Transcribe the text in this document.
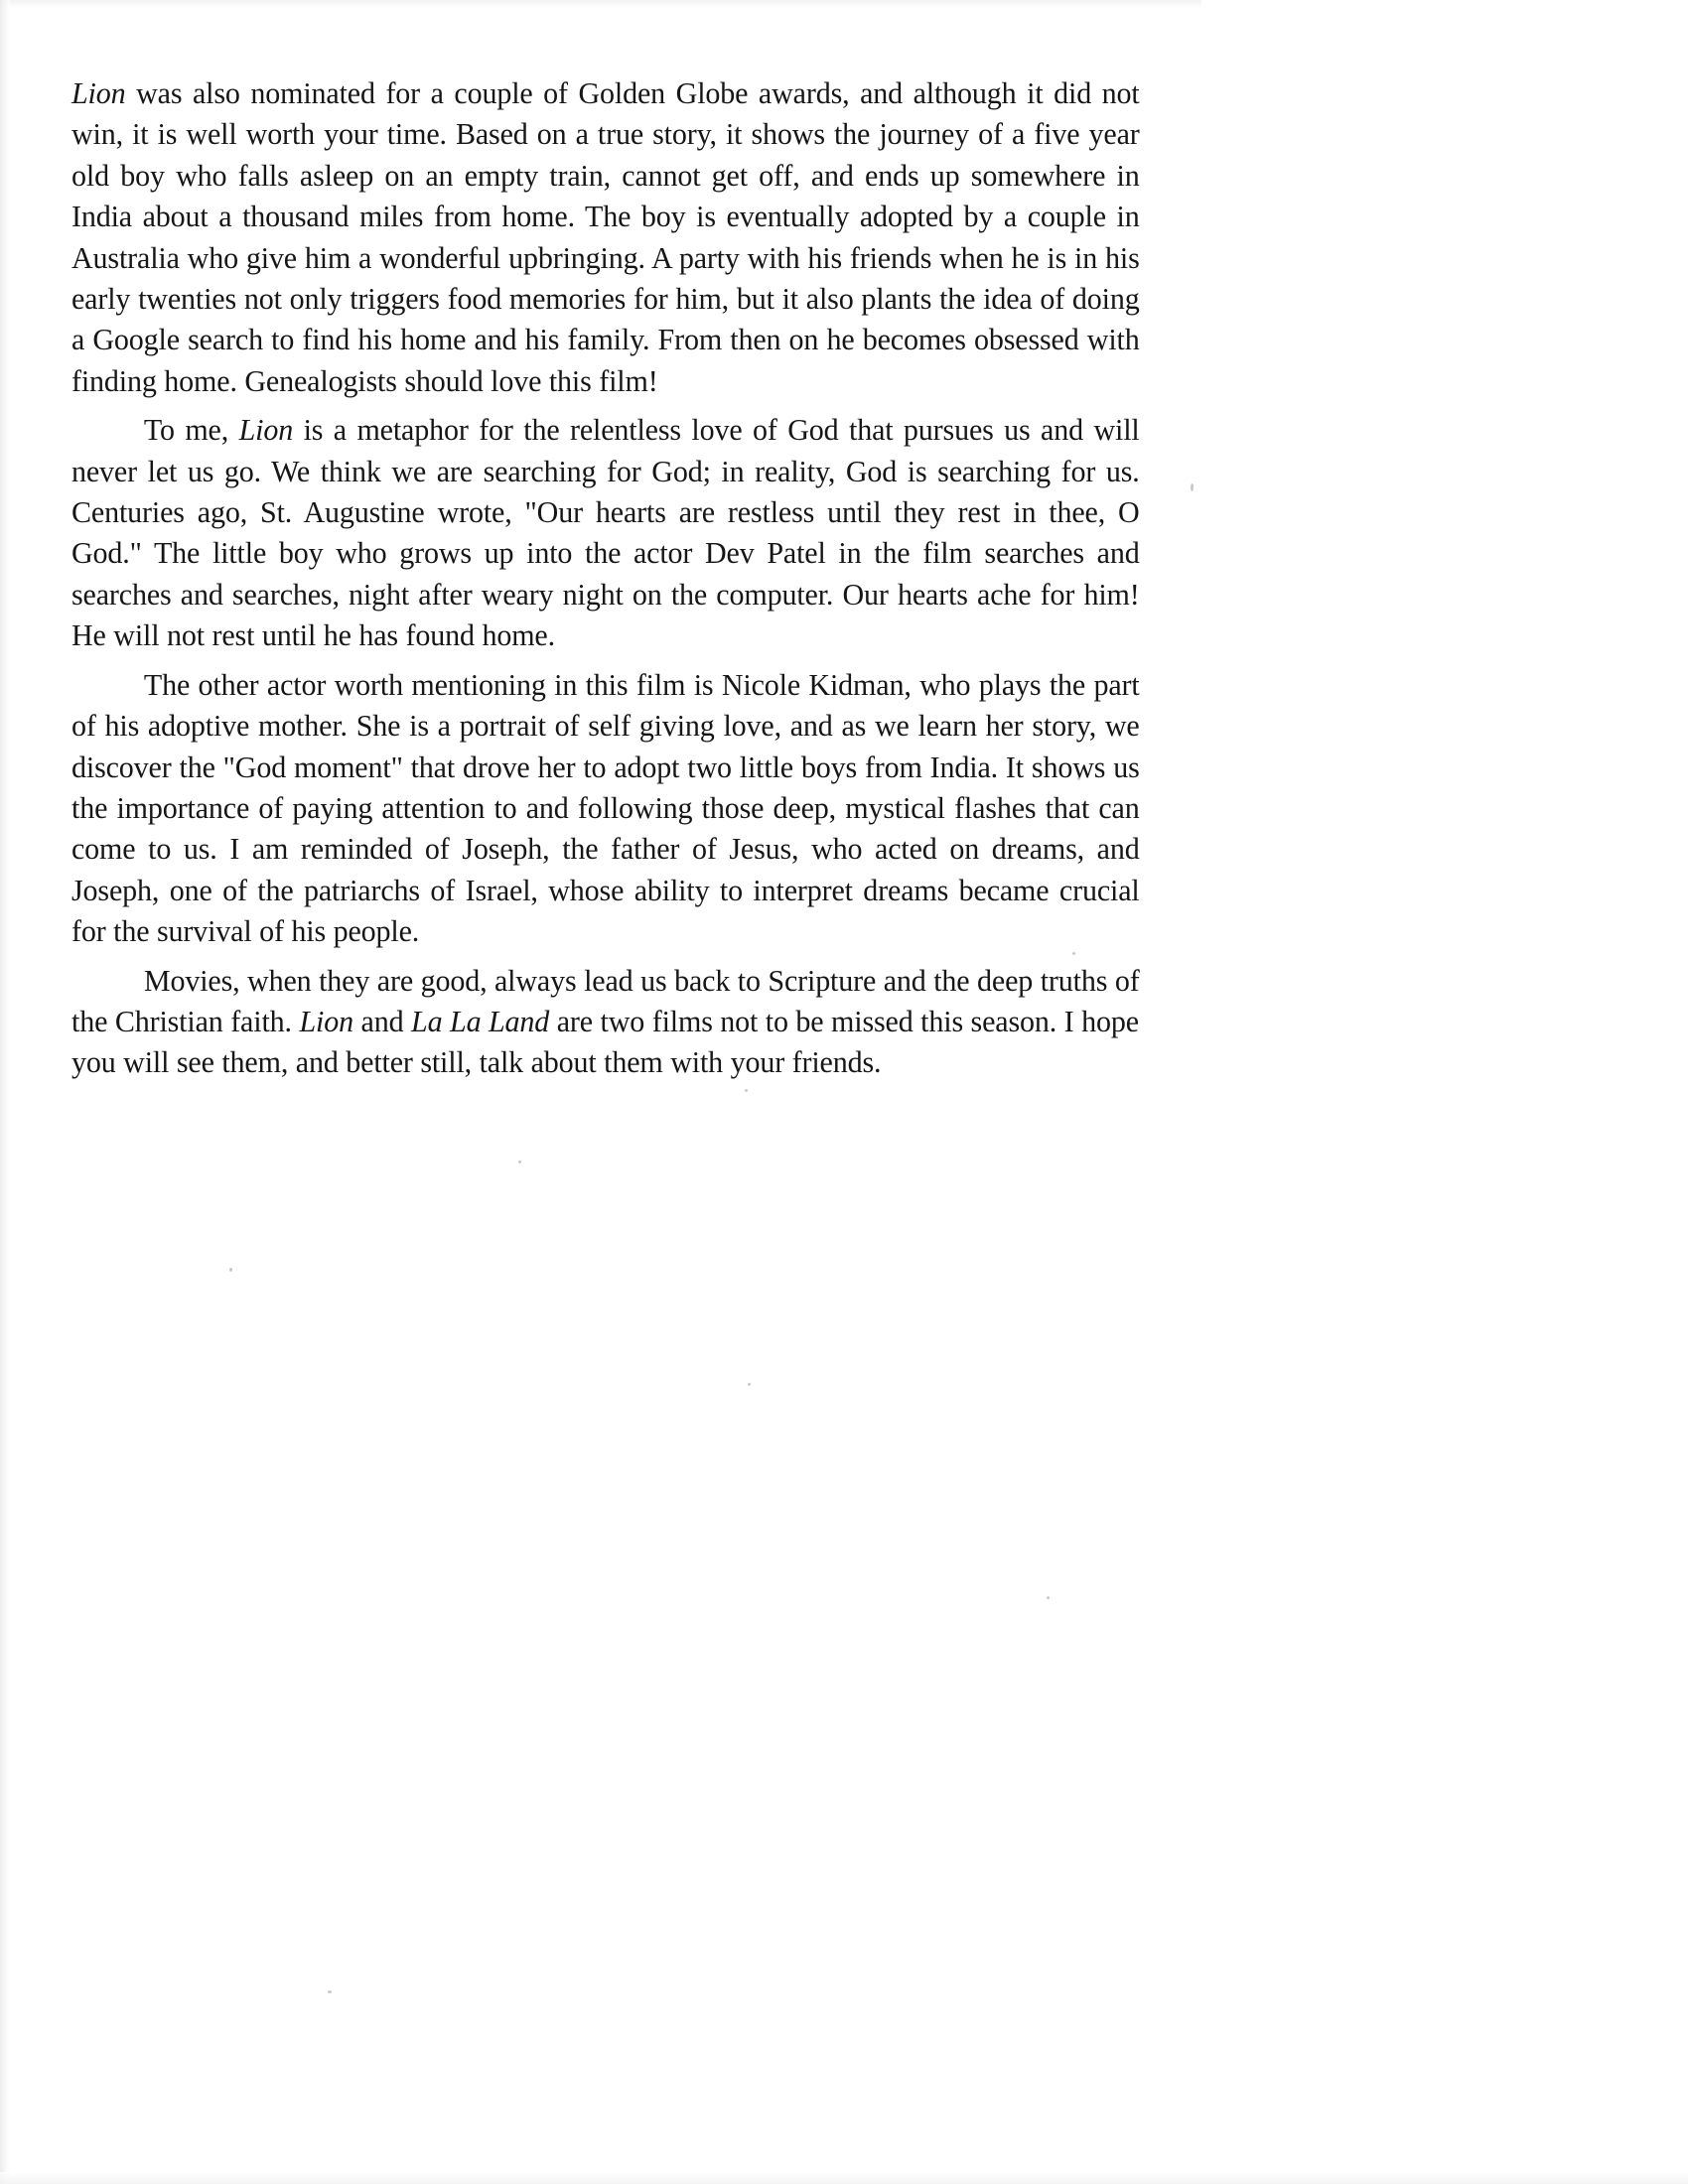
Lion was also nominated for a couple of Golden Globe awards, and although it did not win, it is well worth your time. Based on a true story, it shows the journey of a five year old boy who falls asleep on an empty train, cannot get off, and ends up somewhere in India about a thousand miles from home. The boy is eventually adopted by a couple in Australia who give him a wonderful upbringing. A party with his friends when he is in his early twenties not only triggers food memories for him, but it also plants the idea of doing a Google search to find his home and his family. From then on he becomes obsessed with finding home. Genealogists should love this film!

To me, Lion is a metaphor for the relentless love of God that pursues us and will never let us go. We think we are searching for God; in reality, God is searching for us. Centuries ago, St. Augustine wrote, "Our hearts are restless until they rest in thee, O God." The little boy who grows up into the actor Dev Patel in the film searches and searches and searches, night after weary night on the computer. Our hearts ache for him! He will not rest until he has found home.

The other actor worth mentioning in this film is Nicole Kidman, who plays the part of his adoptive mother. She is a portrait of self giving love, and as we learn her story, we discover the "God moment" that drove her to adopt two little boys from India. It shows us the importance of paying attention to and following those deep, mystical flashes that can come to us. I am reminded of Joseph, the father of Jesus, who acted on dreams, and Joseph, one of the patriarchs of Israel, whose ability to interpret dreams became crucial for the survival of his people.

Movies, when they are good, always lead us back to Scripture and the deep truths of the Christian faith. Lion and La La Land are two films not to be missed this season. I hope you will see them, and better still, talk about them with your friends.
